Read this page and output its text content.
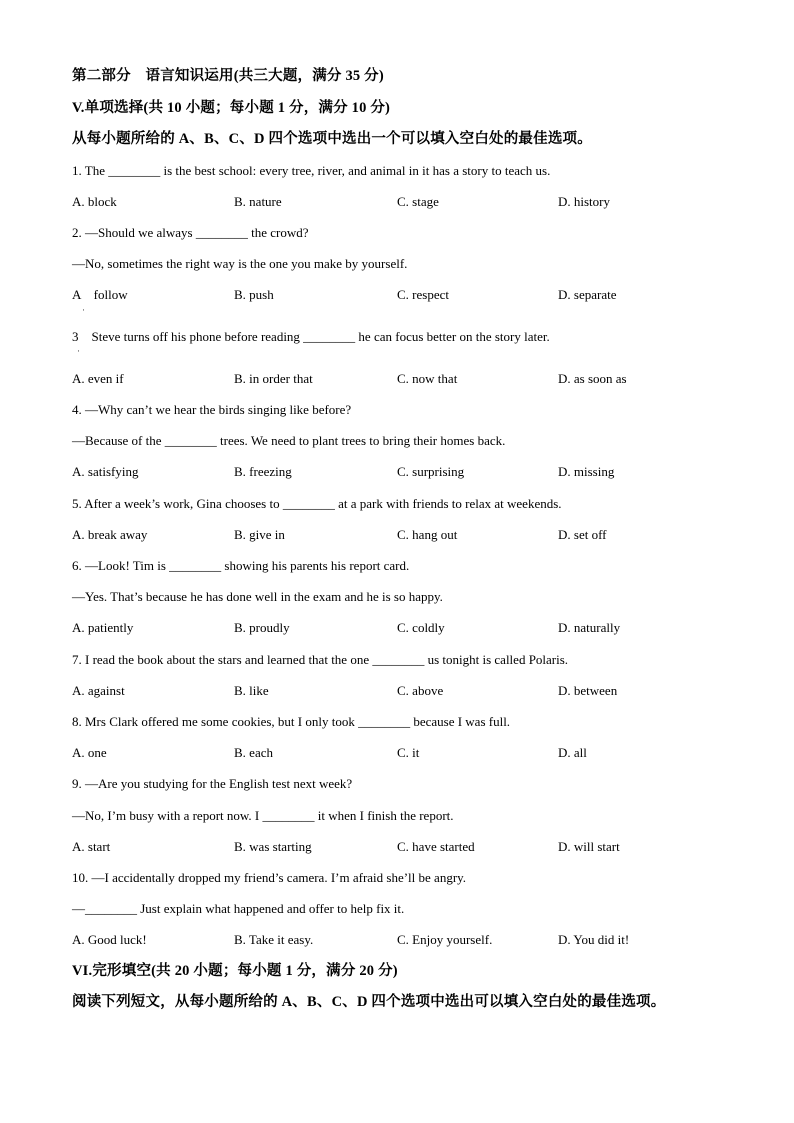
第二部分　语言知识运用(共三大题，满分 35 分)
V.单项选择(共 10 小题；每小题 1 分，满分 10 分)
从每小题所给的 A、B、C、D 四个选项中选出一个可以填入空白处的最佳选项。
1. The ________ is the best school: every tree, river, and animal in it has a story to teach us.
A. block	B. nature	C. stage	D. history
2. —Should we always ________ the crowd?
—No, sometimes the right way is the one you make by yourself.
A　follow	B. push	C. respect	D. separate
·
3　Steve turns off his phone before reading ________ he can focus better on the story later.
·
A. even if	B. in order that	C. now that	D. as soon as
4. —Why can’t we hear the birds singing like before?
—Because of the ________ trees. We need to plant trees to bring their homes back.
A. satisfying	B. freezing	C. surprising	D. missing
5. After a week’s work, Gina chooses to ________ at a park with friends to relax at weekends.
A. break away	B. give in	C. hang out	D. set off
6. —Look! Tim is ________ showing his parents his report card.
—Yes. That’s because he has done well in the exam and he is so happy.
A. patiently	B. proudly	C. coldly	D. naturally
7. I read the book about the stars and learned that the one ________ us tonight is called Polaris.
A. against	B. like	C. above	D. between
8. Mrs Clark offered me some cookies, but I only took ________ because I was full.
A. one	B. each	C. it	D. all
9. —Are you studying for the English test next week?
—No, I’m busy with a report now. I ________ it when I finish the report.
A. start	B. was starting	C. have started	D. will start
10. —I accidentally dropped my friend’s camera. I’m afraid she’ll be angry.
—________ Just explain what happened and offer to help fix it.
A. Good luck!	B. Take it easy.	C. Enjoy yourself.	D. You did it!
VI.完形填空(共 20 小题；每小题 1 分，满分 20 分)
阅读下列短文，从每小题所给的 A、B、C、D 四个选项中选出可以填入空白处的最佳选项。
